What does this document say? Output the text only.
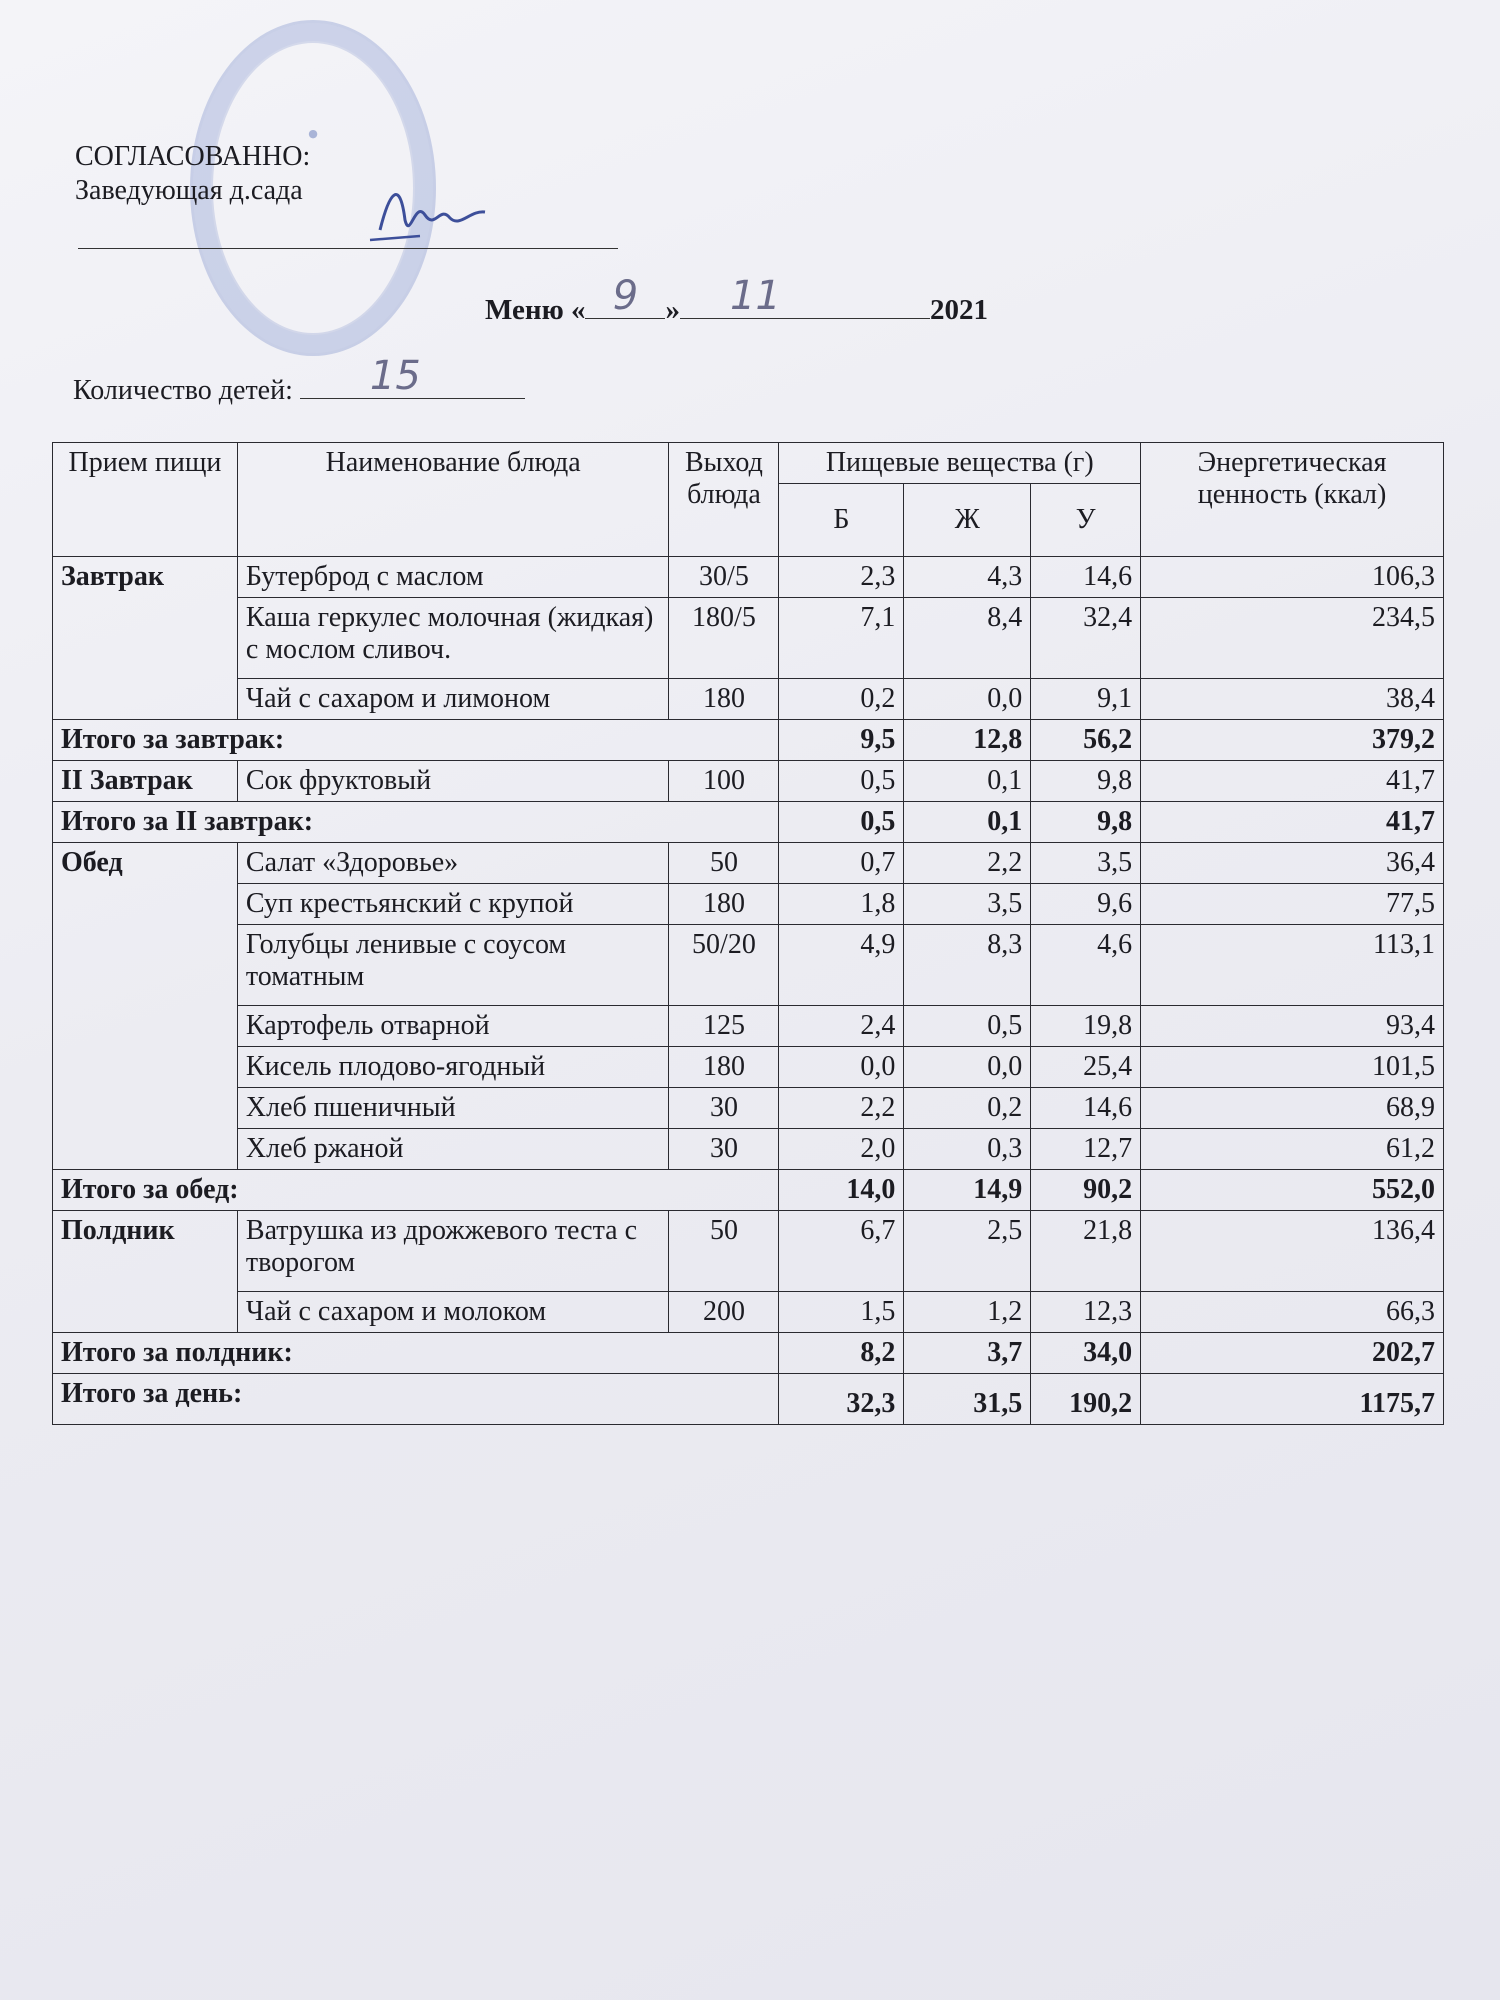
●
СОГЛАСОВАННО:
Заведующая д.сада
Меню « 9 »	11	2021
Количество детей:	15
Прием пищи	Наименование блюда	Выход блюда	Пищевые вещества (г)			Энергетическая ценность (ккал)
			Б	Ж	У	
Завтрак	Бутерброд с маслом	30/5	2,3	4,3	14,6	106,3
	Каша геркулес молочная (жидкая) с мослом сливоч.	180/5	7,1	8,4	32,4	234,5
	Чай с сахаром и лимоном	180	0,2	0,0	9,1	38,4
Итого за завтрак:			9,5	12,8	56,2	379,2
II Завтрак	Сок фруктовый	100	0,5	0,1	9,8	41,7
Итого за II завтрак:			0,5	0,1	9,8	41,7
Обед	Салат «Здоровье»	50	0,7	2,2	3,5	36,4
	Суп крестьянский с крупой	180	1,8	3,5	9,6	77,5
	Голубцы ленивые с соусом томатным	50/20	4,9	8,3	4,6	113,1
	Картофель отварной	125	2,4	0,5	19,8	93,4
	Кисель плодово-ягодный	180	0,0	0,0	25,4	101,5
	Хлеб пшеничный	30	2,2	0,2	14,6	68,9
	Хлеб ржаной	30	2,0	0,3	12,7	61,2
Итого за обед:			14,0	14,9	90,2	552,0
Полдник	Ватрушка из дрожжевого теста с творогом	50	6,7	2,5	21,8	136,4
	Чай с сахаром и молоком	200	1,5	1,2	12,3	66,3
Итого за полдник:			8,2	3,7	34,0	202,7
Итого за день:			32,3	31,5	190,2	1175,7
